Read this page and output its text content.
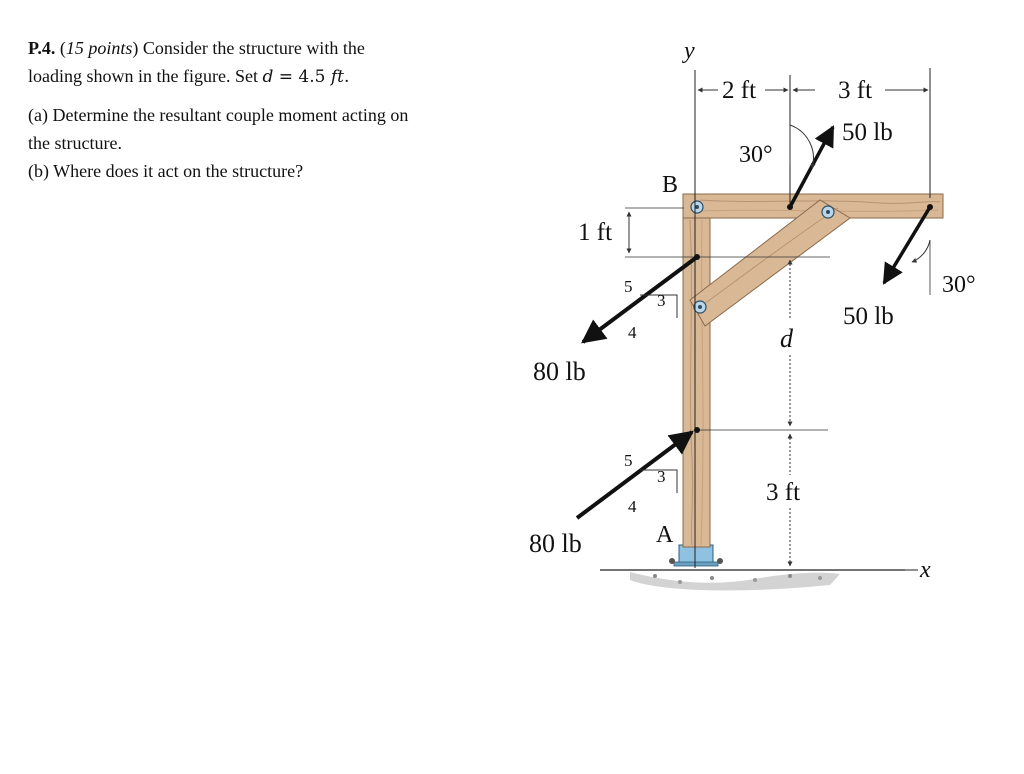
P.4. (15 points) Consider the structure with the

loading shown in the figure. Set d = 4.5 ft.

(a) Determine the resultant couple moment acting on

the structure.

(b) Where does it act on the structure?

y
x
B
A
2 ft	3 ft
1 ft
d
3 ft
30°
50 lb
30°
50 lb
5
3
4
80 lb
5
3
4
80 lb
